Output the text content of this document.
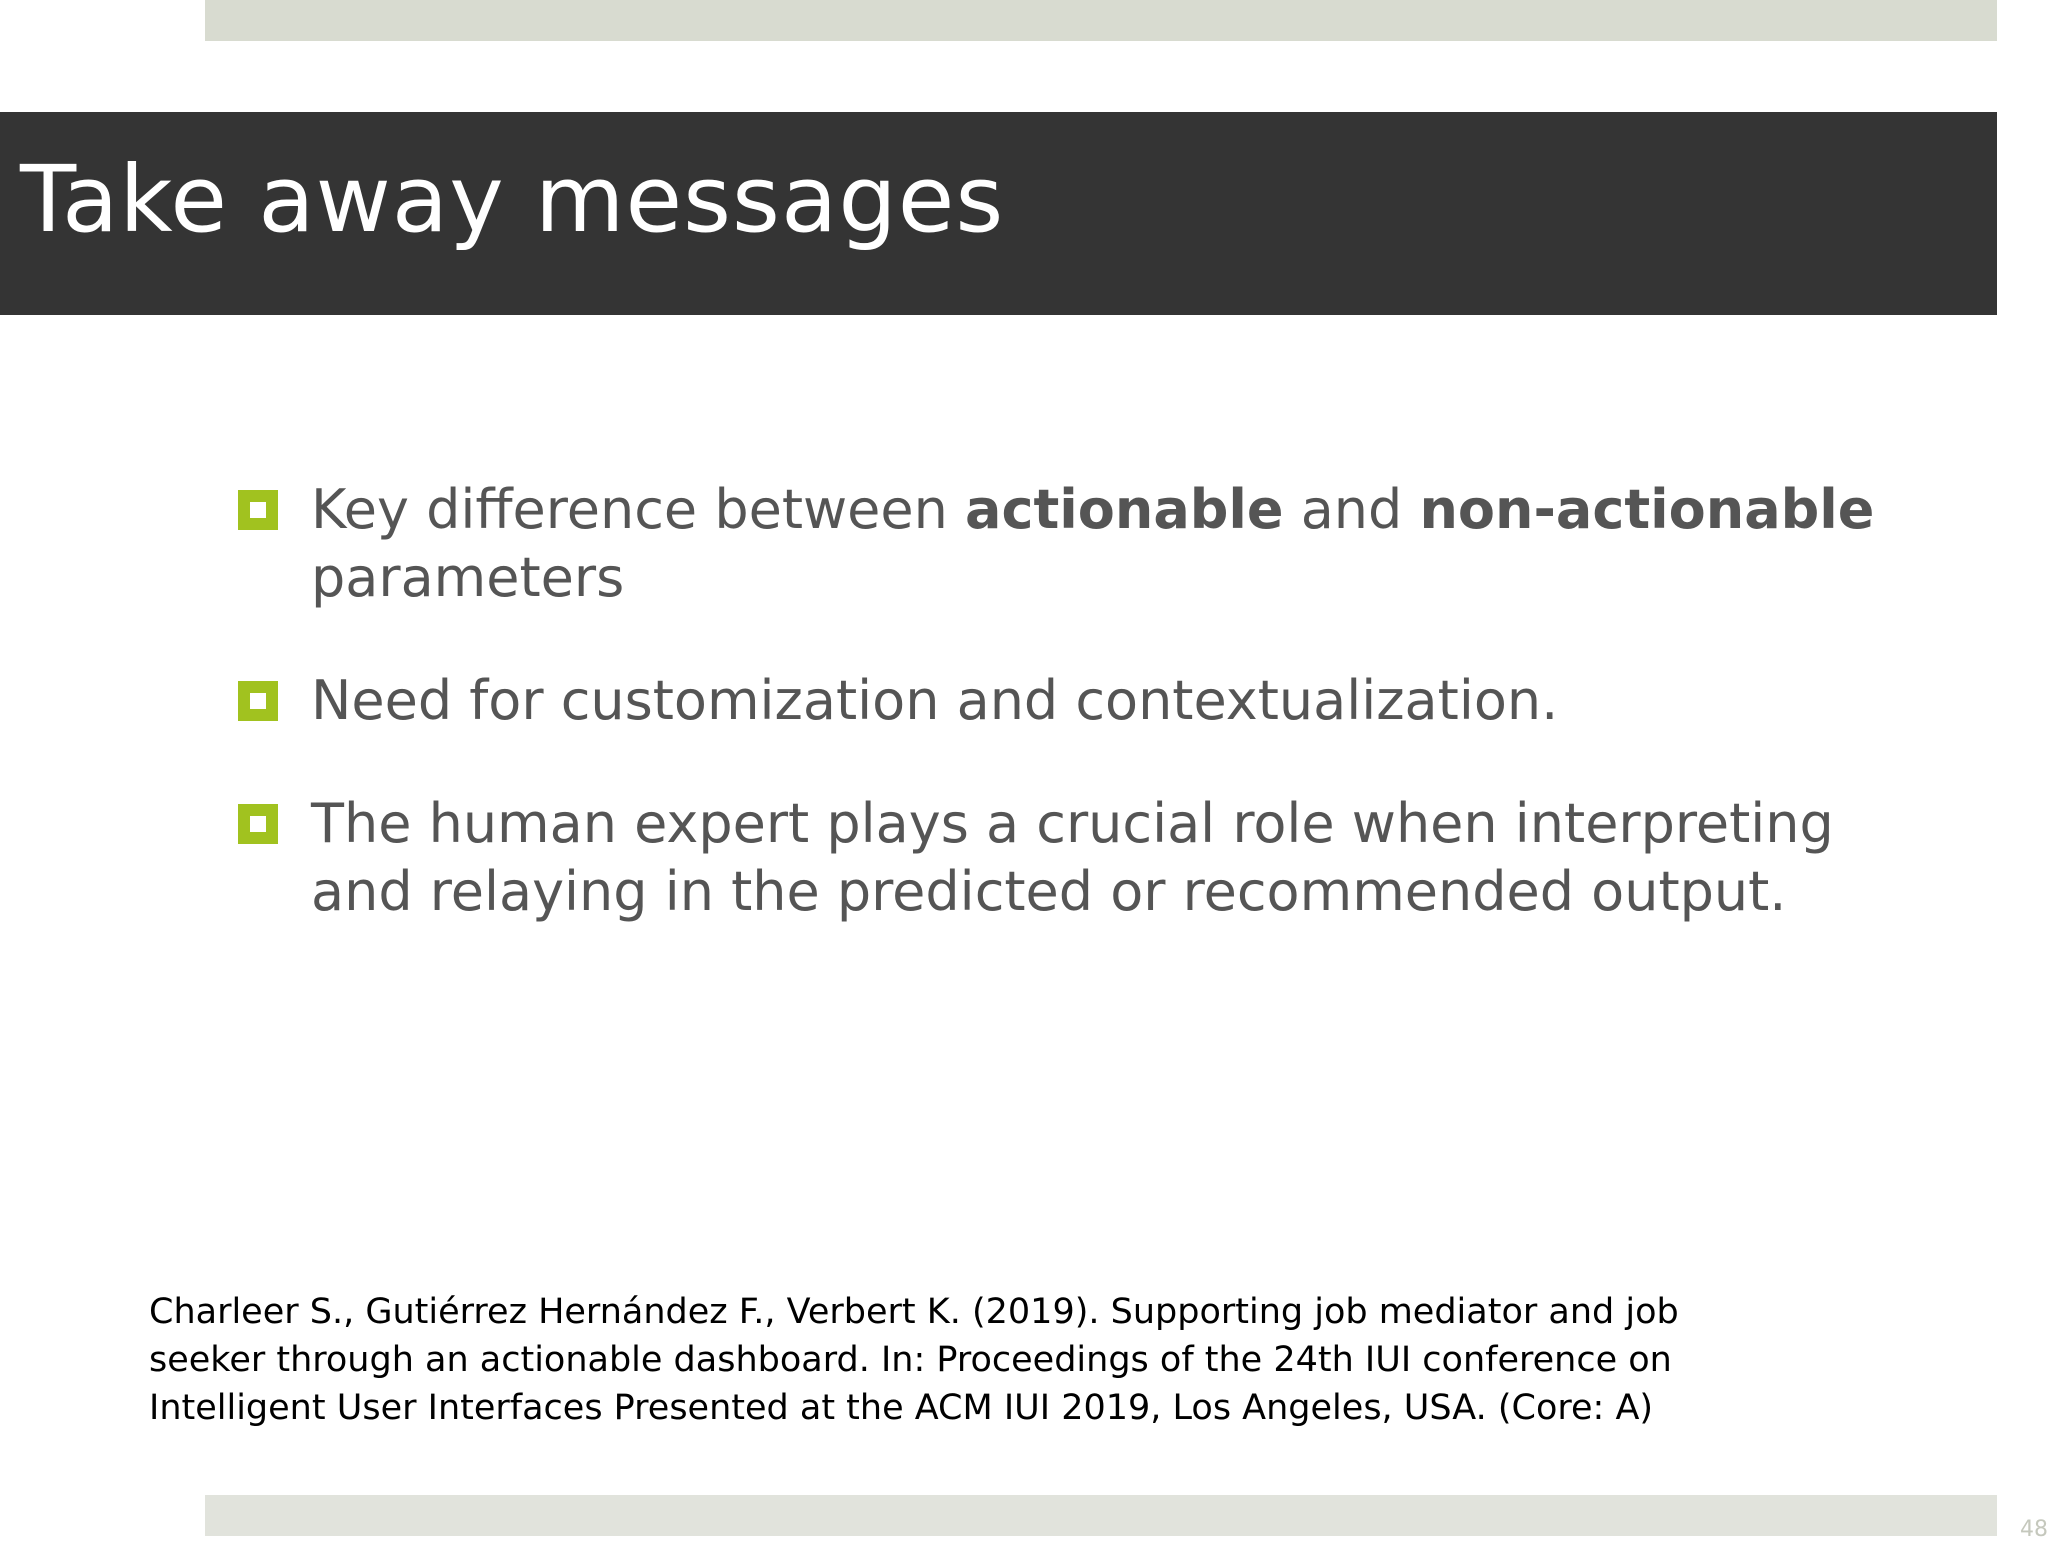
Take away messages
Key difference between actionable and non-actionable
parameters
Need for customization and contextualization.
The human expert plays a crucial role when interpreting
and relaying in the predicted or recommended output.
Charleer S., Gutiérrez Hernández F., Verbert K. (2019). Supporting job mediator and job
seeker through an actionable dashboard. In: Proceedings of the 24th IUI conference on
Intelligent User Interfaces Presented at the ACM IUI 2019, Los Angeles, USA. (Core: A)
48
